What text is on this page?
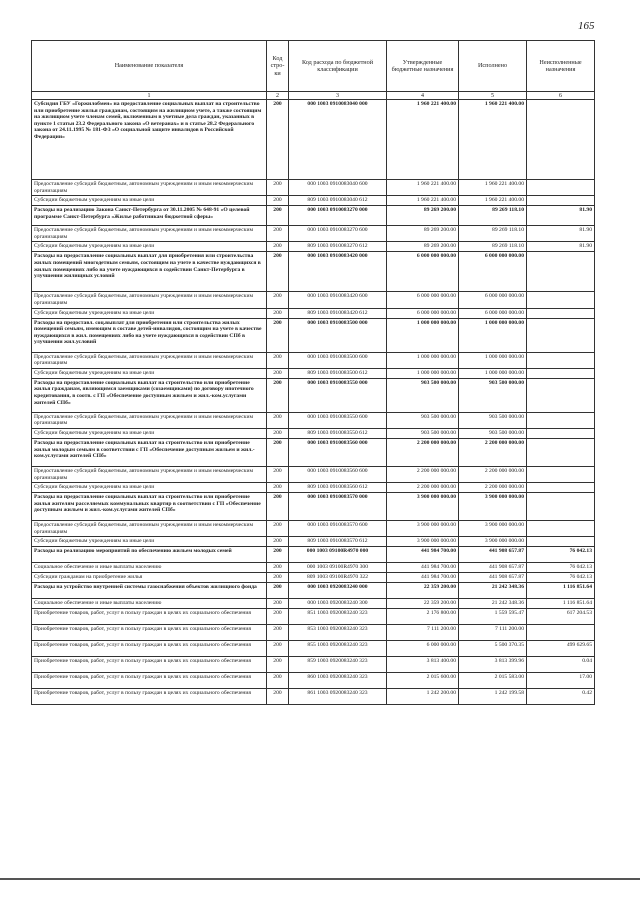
165
Наименование показателя	Код стро-ки	Код расхода по бюджетной классификации	Утвержденные бюджетные назначения	Исполнено	Неисполненные назначения
1	2	3	4	5	6
Субсидия ГБУ «Горжилобмен» на предоставление социальных выплат на строительство или приобретение жилья гражданам, состоящим на жилищном учете, а также состоящим на жилищном учете членам семей, включенным в учетные дела граждан, указанных в пункте 1 статьи 23.2 Федерального закона «О ветеранах» и в статье 28.2 Федерального закона от 24.11.1995 № 181-ФЗ «О социальной защите инвалидов в Российской Федерации»	200	000 1003 0910083040 000	1 960 221 400.00	1 960 221 400.00	
Предоставление субсидий бюджетным, автономным учреждениям и иным некоммерческим организациям	200	000 1003 0910083040 600	1 960 221 400.00	1 960 221 400.00	
Субсидии бюджетным учреждениям на иные цели	200	809 1003 0910083040 612	1 960 221 400.00	1 960 221 400.00	
Расходы на реализацию Закона Санкт-Петербурга от 30.11.2005 № 648-91 «О целевой программе Санкт-Петербурга «Жилье работникам бюджетной сферы»	200	000 1003 0910083270 000	89 269 200.00	89 269 118.10	81.90
Предоставление субсидий бюджетным, автономным учреждениям и иным некоммерческим организациям	200	000 1003 0910083270 600	89 269 200.00	89 269 118.10	81.90
Субсидии бюджетным учреждениям на иные цели	200	809 1003 0910083270 612	89 269 200.00	89 269 118.10	81.90
Расходы на предоставление социальных выплат для приобретения или строительства жилых помещений многодетным семьям, состоящим на учете в качестве нуждающихся в жилых помещениях либо на учете нуждающихся в содействии Санкт-Петербурга в улучшении жилищных условий	200	000 1003 0910083420 000	6 000 000 000.00	6 000 000 000.00	
Предоставление субсидий бюджетным, автономным учреждениям и иным некоммерческим организациям	200	000 1003 0910083420 600	6 000 000 000.00	6 000 000 000.00	
Субсидии бюджетным учреждениям на иные цели	200	809 1003 0910083420 612	6 000 000 000.00	6 000 000 000.00	
Расходы на предоставл. соц.выплат для приобретения или строительства жилых помещений семьям, имеющим в составе детей-инвалидов, состоящим на учете в качестве нуждающихся в жил. помещениях либо на учете нуждающихся в содействии СПб в улучшении жил.условий	200	000 1003 0910083500 000	1 000 000 000.00	1 000 000 000.00	
Предоставление субсидий бюджетным, автономным учреждениям и иным некоммерческим организациям	200	000 1003 0910083500 600	1 000 000 000.00	1 000 000 000.00	
Субсидии бюджетным учреждениям на иные цели	200	809 1003 0910083500 612	1 000 000 000.00	1 000 000 000.00	
Расходы на предоставление социальных выплат на строительство или приобретение жилья гражданам, являющимся заемщиками (созаемщиками) по договору ипотечного кредитования, в соотв. с ГП «Обеспечение доступным жильем и жил.-ком.услугами жителей СПб»	200	000 1003 0910083550 000	903 500 000.00	903 500 000.00	
Предоставление субсидий бюджетным, автономным учреждениям и иным некоммерческим организациям	200	000 1003 0910083550 600	903 500 000.00	903 500 000.00	
Субсидии бюджетным учреждениям на иные цели	200	809 1003 0910083550 612	903 500 000.00	903 500 000.00	
Расходы на предоставление социальных выплат на строительство или приобретение жилья молодым семьям в соответствии с ГП «Обеспечение доступным жильем и жил.-ком.услугами жителей СПб»	200	000 1003 0910083560 000	2 200 000 000.00	2 200 000 000.00	
Предоставление субсидий бюджетным, автономным учреждениям и иным некоммерческим организациям	200	000 1003 0910083560 600	2 200 000 000.00	2 200 000 000.00	
Субсидии бюджетным учреждениям на иные цели	200	809 1003 0910083560 612	2 200 000 000.00	2 200 000 000.00	
Расходы на предоставление социальных выплат на строительство или приобретение жилья жителям расселяемых коммунальных квартир в соответствии с ГП «Обеспечение доступным жильем и жил.-ком.услугами жителей СПб»	200	000 1003 0910083570 000	3 900 000 000.00	3 900 000 000.00	
Предоставление субсидий бюджетным, автономным учреждениям и иным некоммерческим организациям	200	000 1003 0910083570 600	3 900 000 000.00	3 900 000 000.00	
Субсидии бюджетным учреждениям на иные цели	200	809 1003 0910083570 612	3 900 000 000.00	3 900 000 000.00	
Расходы на реализацию мероприятий по обеспечению жильем молодых семей	200	000 1003 09100R4970 000	441 984 700.00	441 908 657.87	76 042.13
Социальное обеспечение и иные выплаты населению	200	000 1003 09100R4970 300	441 984 700.00	441 908 657.87	76 042.13
Субсидии гражданам на приобретение жилья	200	809 1003 09100R4970 322	441 984 700.00	441 908 657.87	76 042.13
Расходы на устройство внутренней системы газоснабжения объектов жилищного фонда	200	000 1003 0920083240 000	22 359 200.00	21 242 348.36	1 116 851.64
Социальное обеспечение и иные выплаты населению	200	000 1003 0920083240 300	22 359 200.00	21 242 348.36	1 116 851.64
Приобретение товаров, работ, услуг в пользу граждан в целях их социального обеспечения	200	851 1003 0920083240 323	2 176 800.00	1 559 595.47	617 204.53
Приобретение товаров, работ, услуг в пользу граждан в целях их социального обеспечения	200	853 1003 0920083240 323	7 111 200.00	7 111 200.00	
Приобретение товаров, работ, услуг в пользу граждан в целях их социального обеспечения	200	855 1003 0920083240 323	6 000 000.00	5 500 370.35	499 629.65
Приобретение товаров, работ, услуг в пользу граждан в целях их социального обеспечения	200	859 1003 0920083240 323	3 813 400.00	3 813 399.96	0.04
Приобретение товаров, работ, услуг в пользу граждан в целях их социального обеспечения	200	860 1003 0920083240 323	2 015 600.00	2 015 583.00	17.00
Приобретение товаров, работ, услуг в пользу граждан в целях их социального обеспечения	200	861 1003 0920083240 323	1 242 200.00	1 242 199.58	0.42
